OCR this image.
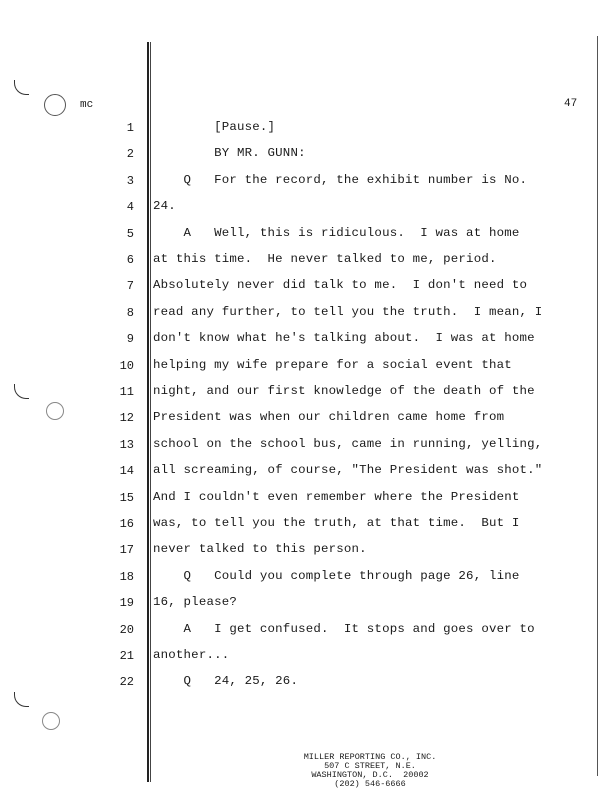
mc	47
1 [Pause.]
2 BY MR. GUNN:
3 Q   For the record, the exhibit number is No.
4 24.
5 A   Well, this is ridiculous.  I was at home
6 at this time.  He never talked to me, period.
7 Absolutely never did talk to me.  I don't need to
8 read any further, to tell you the truth.  I mean, I
9 don't know what he's talking about.  I was at home
10 helping my wife prepare for a social event that
11 night, and our first knowledge of the death of the
12 President was when our children came home from
13 school on the school bus, came in running, yelling,
14 all screaming, of course, "The President was shot."
15 And I couldn't even remember where the President
16 was, to tell you the truth, at that time.  But I
17 never talked to this person.
18 Q   Could you complete through page 26, line
19 16, please?
20 A   I get confused.  It stops and goes over to
21 another...
22 Q   24, 25, 26.
MILLER REPORTING CO., INC.
507 C STREET, N.E.
WASHINGTON, D.C.  20002
(202) 546-6666
